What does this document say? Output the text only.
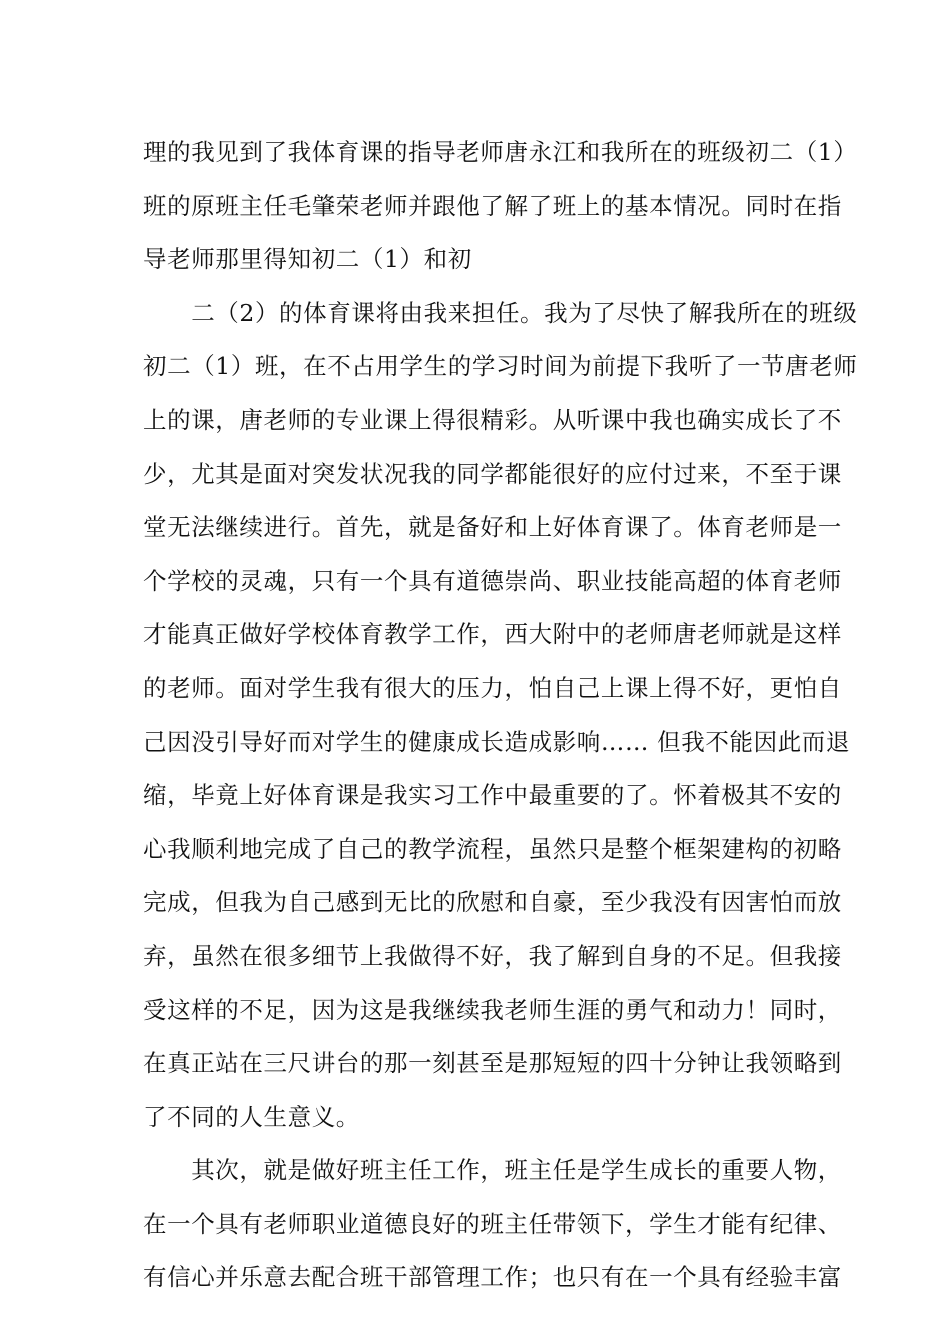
理的我见到了我体育课的指导老师唐永江和我所在的班级初二（1）
班的原班主任毛肇荣老师并跟他了解了班上的基本情况。同时在指
导老师那里得知初二（1）和初
　　二（2）的体育课将由我来担任。我为了尽快了解我所在的班级
初二（1）班，在不占用学生的学习时间为前提下我听了一节唐老师
上的课，唐老师的专业课上得很精彩。从听课中我也确实成长了不
少，尤其是面对突发状况我的同学都能很好的应付过来，不至于课
堂无法继续进行。首先，就是备好和上好体育课了。体育老师是一
个学校的灵魂，只有一个具有道德崇尚、职业技能高超的体育老师
才能真正做好学校体育教学工作，西大附中的老师唐老师就是这样
的老师。面对学生我有很大的压力，怕自己上课上得不好，更怕自
己因没引导好而对学生的健康成长造成影响…… 但我不能因此而退
缩，毕竟上好体育课是我实习工作中最重要的了。怀着极其不安的
心我顺利地完成了自己的教学流程，虽然只是整个框架建构的初略
完成，但我为自己感到无比的欣慰和自豪，至少我没有因害怕而放
弃，虽然在很多细节上我做得不好，我了解到自身的不足。但我接
受这样的不足，因为这是我继续我老师生涯的勇气和动力！同时，
在真正站在三尺讲台的那一刻甚至是那短短的四十分钟让我领略到
了不同的人生意义。
　　其次，就是做好班主任工作，班主任是学生成长的重要人物，
在一个具有老师职业道德良好的班主任带领下，学生才能有纪律、
有信心并乐意去配合班干部管理工作；也只有在一个具有经验丰富
